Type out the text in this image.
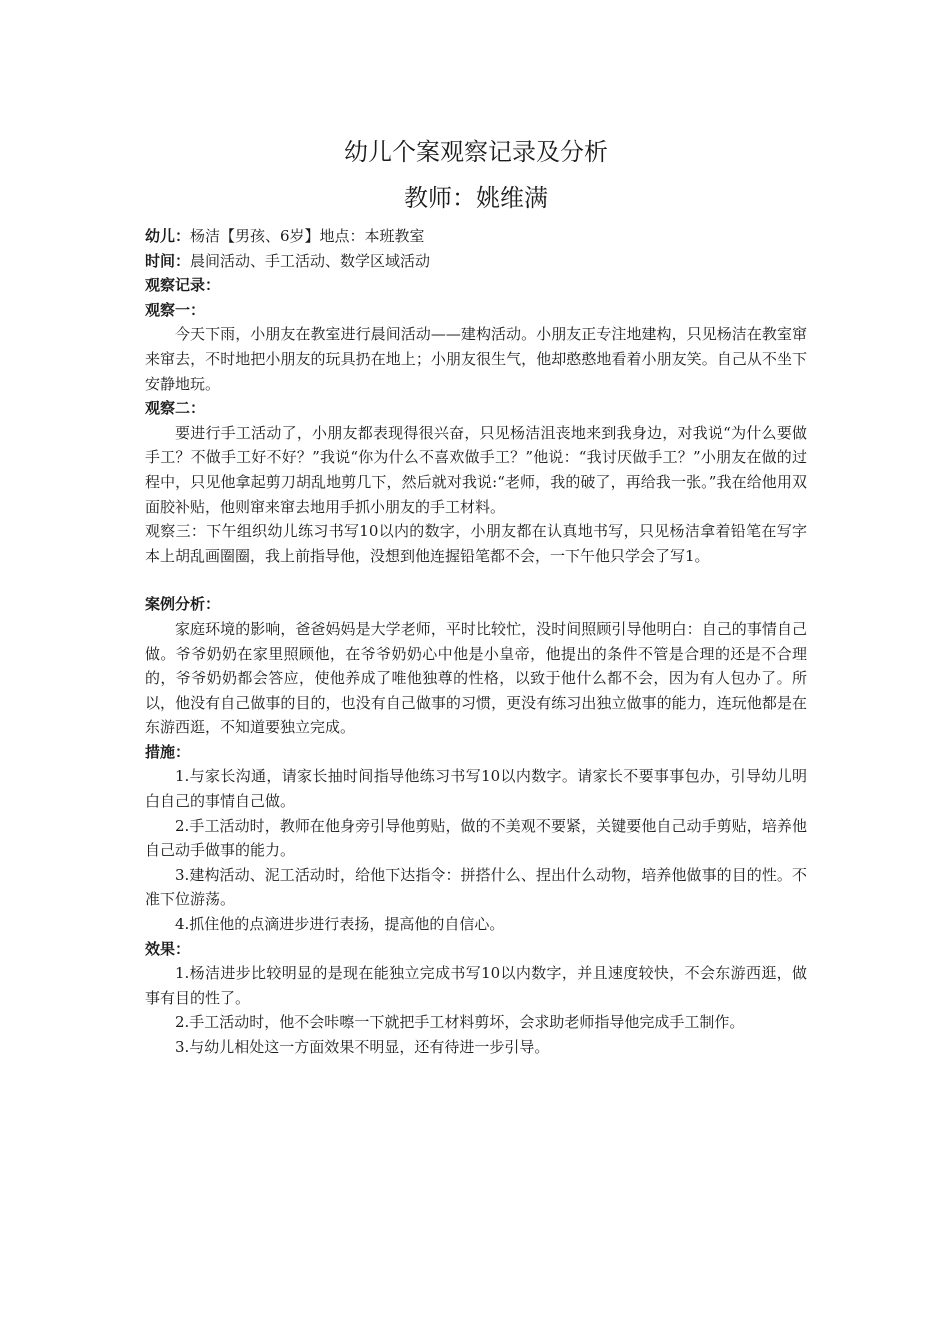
幼儿个案观察记录及分析
教师：姚维满

幼儿：杨洁【男孩、6岁】地点：本班教室

时间：晨间活动、手工活动、数学区域活动

观察记录：

观察一：

今天下雨，小朋友在教室进行晨间活动——建构活动。小朋友正专注地建构，只见杨洁在教室窜来窜去，不时地把小朋友的玩具扔在地上；小朋友很生气，他却憨憨地看着小朋友笑。自己从不坐下安静地玩。

观察二：

要进行手工活动了，小朋友都表现得很兴奋，只见杨洁沮丧地来到我身边，对我说“为什么要做手工？不做手工好不好？”我说“你为什么不喜欢做手工？”他说：“我讨厌做手工？”小朋友在做的过程中，只见他拿起剪刀胡乱地剪几下，然后就对我说:“老师，我的破了，再给我一张。”我在给他用双面胶补贴，他则窜来窜去地用手抓小朋友的手工材料。

观察三：下午组织幼儿练习书写10以内的数字，小朋友都在认真地书写，只见杨洁拿着铅笔在写字本上胡乱画圈圈，我上前指导他，没想到他连握铅笔都不会，一下午他只学会了写1。

案例分析：

家庭环境的影响，爸爸妈妈是大学老师，平时比较忙，没时间照顾引导他明白：自己的事情自己做。爷爷奶奶在家里照顾他，在爷爷奶奶心中他是小皇帝，他提出的条件不管是合理的还是不合理的，爷爷奶奶都会答应，使他养成了唯他独尊的性格，以致于他什么都不会，因为有人包办了。所以，他没有自己做事的目的，也没有自己做事的习惯，更没有练习出独立做事的能力，连玩他都是在东游西逛，不知道要独立完成。

措施：

1.与家长沟通，请家长抽时间指导他练习书写10以内数字。请家长不要事事包办，引导幼儿明白自己的事情自己做。

2.手工活动时，教师在他身旁引导他剪贴，做的不美观不要紧，关键要他自己动手剪贴，培养他自己动手做事的能力。

3.建构活动、泥工活动时，给他下达指令：拼搭什么、捏出什么动物，培养他做事的目的性。不准下位游荡。

4.抓住他的点滴进步进行表扬，提高他的自信心。

效果：

1.杨洁进步比较明显的是现在能独立完成书写10以内数字，并且速度较快，不会东游西逛，做事有目的性了。

2.手工活动时，他不会咔嚓一下就把手工材料剪坏，会求助老师指导他完成手工制作。

3.与幼儿相处这一方面效果不明显，还有待进一步引导。
